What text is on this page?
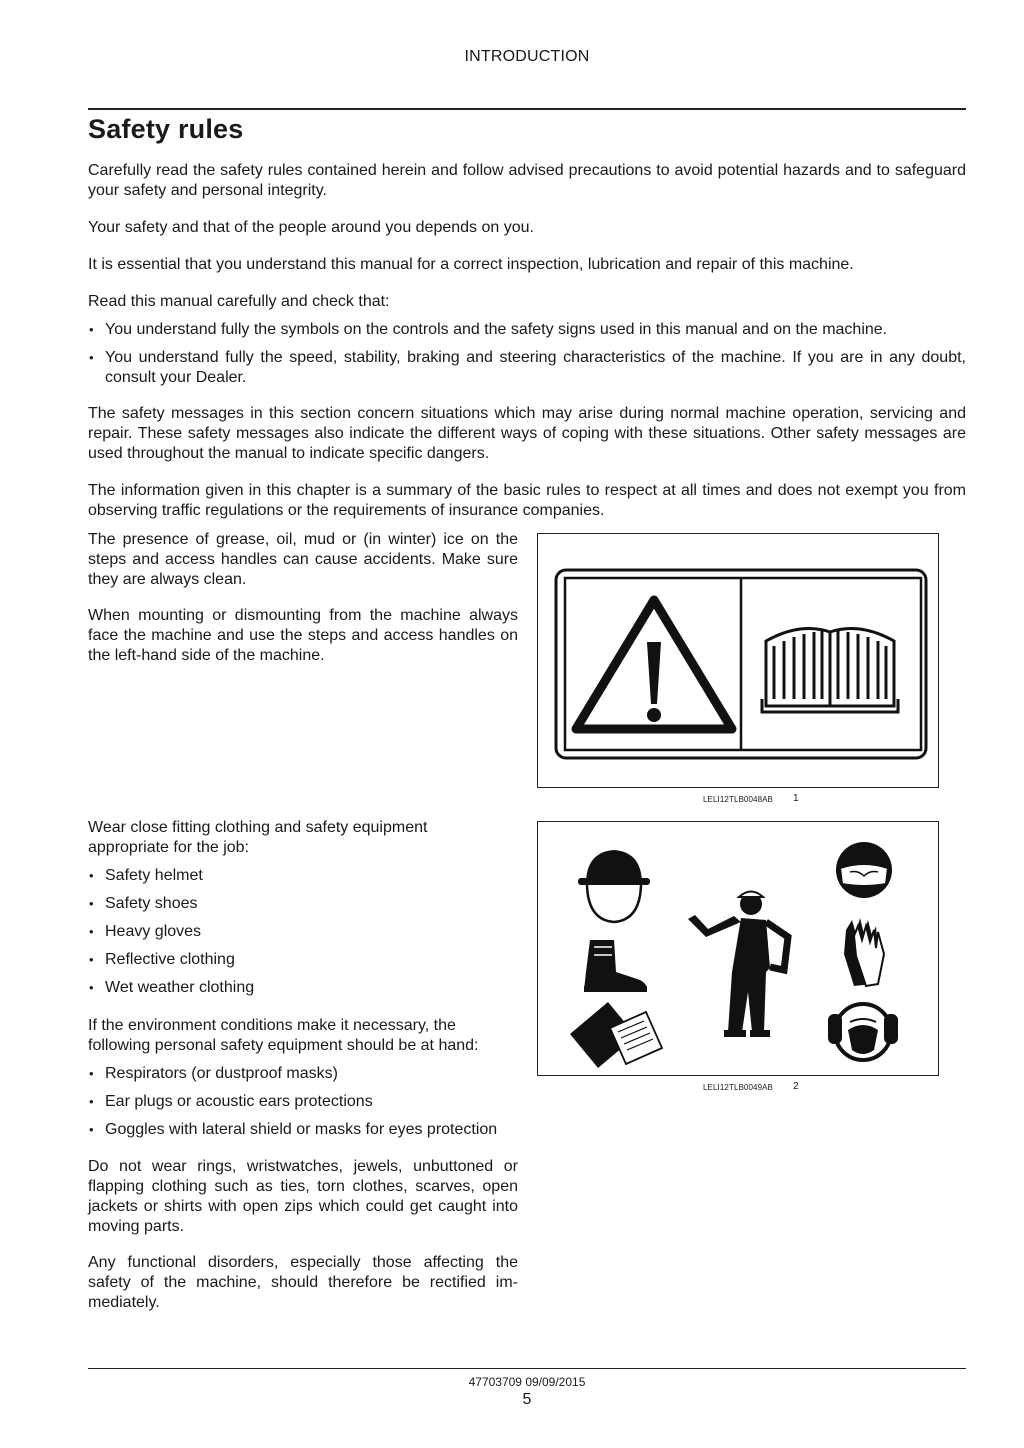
INTRODUCTION
Safety rules

Carefully read the safety rules contained herein and follow advised precautions to avoid potential hazards and to safeguard your safety and personal integrity.

Your safety and that of the people around you depends on you.

It is essential that you understand this manual for a correct inspection, lubrication and repair of this machine.

Read this manual carefully and check that:

• You understand fully the symbols on the controls and the safety signs used in this manual and on the machine.
• You understand fully the speed, stability, braking and steering characteristics of the machine. If you are in any doubt, consult your Dealer.

The safety messages in this section concern situations which may arise during normal machine operation, servicing and repair. These safety messages also indicate the different ways of coping with these situations. Other safety messages are used throughout the manual to indicate specific dangers.

The information given in this chapter is a summary of the basic rules to respect at all times and does not exempt you from observing traffic regulations or the requirements of insurance companies.

The presence of grease, oil, mud or (in winter) ice on the steps and access handles can cause accidents. Make sure they are always clean.

When mounting or dismounting from the machine always face the machine and use the steps and access handles on the left-hand side of the machine.

LELI12TLB0048AB 1

Wear close fitting clothing and safety equipment appropriate for the job:

• Safety helmet
• Safety shoes
• Heavy gloves
• Reflective clothing
• Wet weather clothing

If the environment conditions make it necessary, the following personal safety equipment should be at hand:

• Respirators (or dustproof masks)
• Ear plugs or acoustic ears protections
• Goggles with lateral shield or masks for eyes protection

Do not wear rings, wristwatches, jewels, unbuttoned or flapping clothing such as ties, torn clothes, scarves, open jackets or shirts with open zips which could get caught into moving parts.

Any functional disorders, especially those affecting the safety of the machine, should therefore be rectified im-mediately.

LELI12TLB0049AB 2
47703709 09/09/2015
5
